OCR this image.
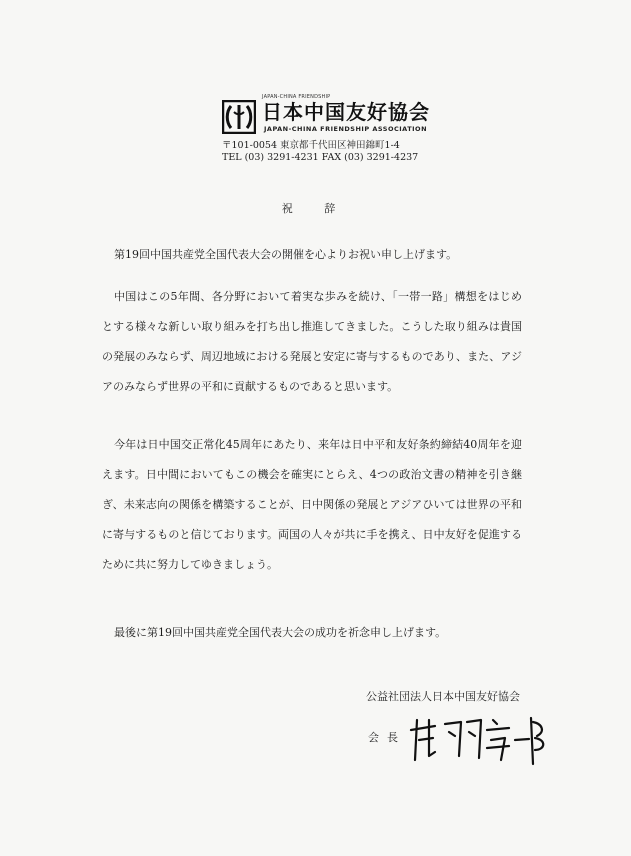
JAPAN-CHINA FRIENDSHIP
日本中国友好協会
JAPAN-CHINA FRIENDSHIP ASSOCIATION
〒101-0054 東京都千代田区神田錦町1-4
TEL (03) 3291-4231 FAX (03) 3291-4237
祝 辞
第19回中国共産党全国代表大会の開催を心よりお祝い申し上げます。
中国はこの5年間、各分野において着実な歩みを続け、「一帯一路」構想をはじめとする様々な新しい取り組みを打ち出し推進してきました。こうした取り組みは貴国の発展のみならず、周辺地域における発展と安定に寄与するものであり、また、アジアのみならず世界の平和に貢献するものであると思います。
今年は日中国交正常化45周年にあたり、来年は日中平和友好条約締結40周年を迎えます。日中間においてもこの機会を確実にとらえ、4つの政治文書の精神を引き継ぎ、未来志向の関係を構築することが、日中関係の発展とアジアひいては世界の平和に寄与するものと信じております。両国の人々が共に手を携え、日中友好を促進するために共に努力してゆきましょう。
最後に第19回中国共産党全国代表大会の成功を祈念申し上げます。
公益社団法人日本中国友好協会
会長
